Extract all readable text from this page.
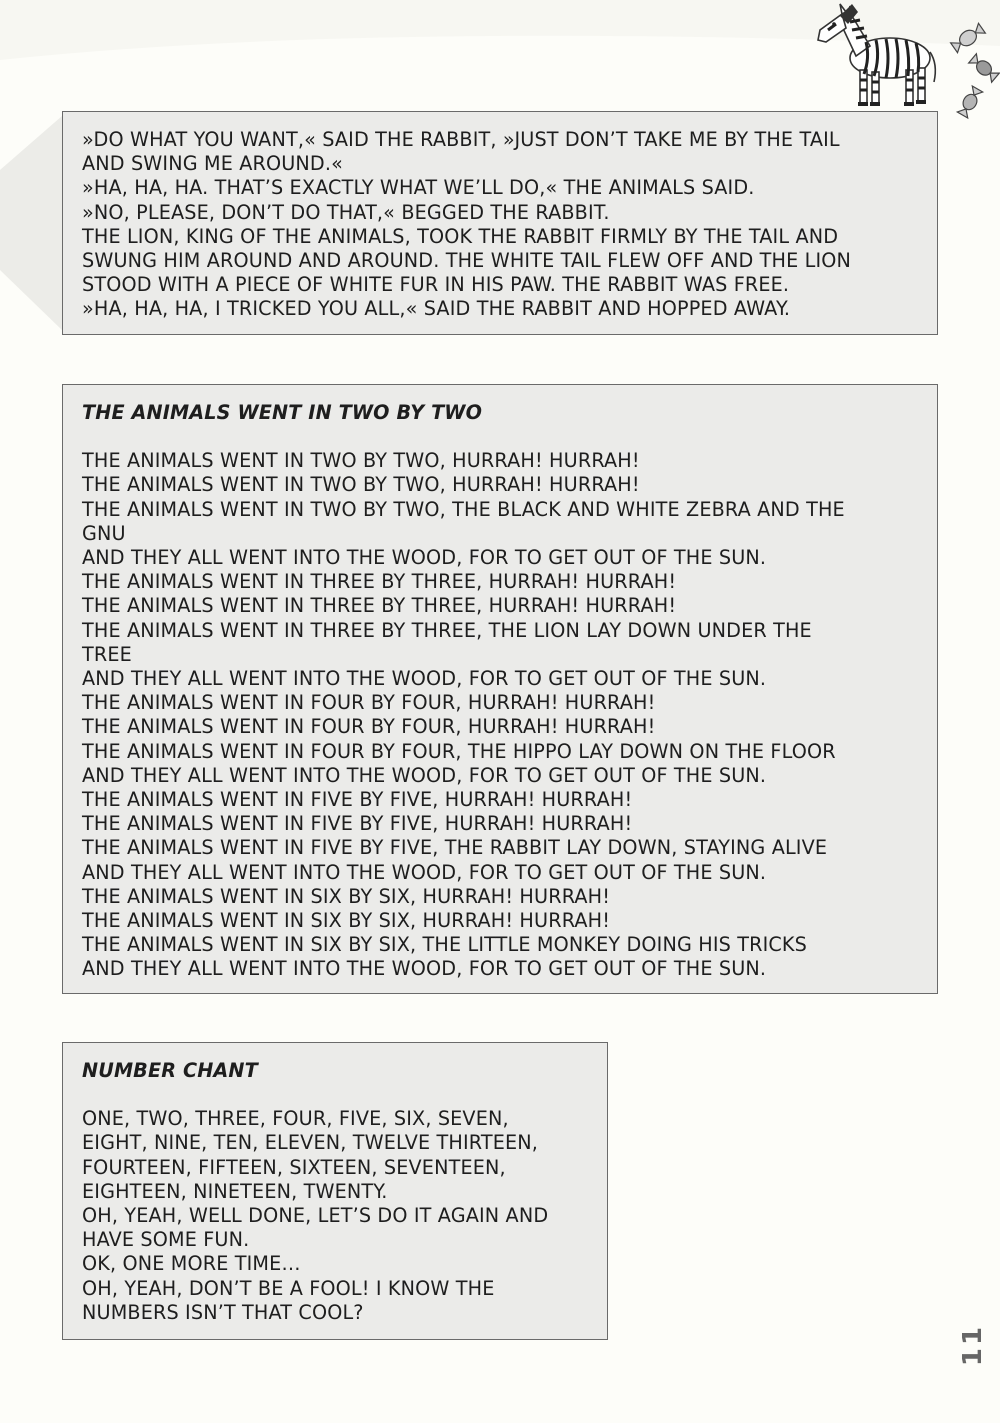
»DO WHAT YOU WANT,« SAID THE RABBIT, »JUST DON’T TAKE ME BY THE TAIL
AND SWING ME AROUND.«
»HA, HA, HA. THAT’S EXACTLY WHAT WE’LL DO,« THE ANIMALS SAID.
»NO, PLEASE, DON’T DO THAT,« BEGGED THE RABBIT.
THE LION, KING OF THE ANIMALS, TOOK THE RABBIT FIRMLY BY THE TAIL AND
SWUNG HIM AROUND AND AROUND. THE WHITE TAIL FLEW OFF AND THE LION
STOOD WITH A PIECE OF WHITE FUR IN HIS PAW. THE RABBIT WAS FREE.
»HA, HA, HA, I TRICKED YOU ALL,« SAID THE RABBIT AND HOPPED AWAY.
THE ANIMALS WENT IN TWO BY TWO
THE ANIMALS WENT IN TWO BY TWO, HURRAH! HURRAH!
THE ANIMALS WENT IN TWO BY TWO, HURRAH! HURRAH!
THE ANIMALS WENT IN TWO BY TWO, THE BLACK AND WHITE ZEBRA AND THE
GNU
AND THEY ALL WENT INTO THE WOOD, FOR TO GET OUT OF THE SUN.
THE ANIMALS WENT IN THREE BY THREE, HURRAH! HURRAH!
THE ANIMALS WENT IN THREE BY THREE, HURRAH! HURRAH!
THE ANIMALS WENT IN THREE BY THREE, THE LION LAY DOWN UNDER THE
TREE
AND THEY ALL WENT INTO THE WOOD, FOR TO GET OUT OF THE SUN.
THE ANIMALS WENT IN FOUR BY FOUR, HURRAH! HURRAH!
THE ANIMALS WENT IN FOUR BY FOUR, HURRAH! HURRAH!
THE ANIMALS WENT IN FOUR BY FOUR, THE HIPPO LAY DOWN ON THE FLOOR
AND THEY ALL WENT INTO THE WOOD, FOR TO GET OUT OF THE SUN.
THE ANIMALS WENT IN FIVE BY FIVE, HURRAH! HURRAH!
THE ANIMALS WENT IN FIVE BY FIVE, HURRAH! HURRAH!
THE ANIMALS WENT IN FIVE BY FIVE, THE RABBIT LAY DOWN, STAYING ALIVE
AND THEY ALL WENT INTO THE WOOD, FOR TO GET OUT OF THE SUN.
THE ANIMALS WENT IN SIX BY SIX, HURRAH! HURRAH!
THE ANIMALS WENT IN SIX BY SIX, HURRAH! HURRAH!
THE ANIMALS WENT IN SIX BY SIX, THE LITTLE MONKEY DOING HIS TRICKS
AND THEY ALL WENT INTO THE WOOD, FOR TO GET OUT OF THE SUN.
NUMBER CHANT
ONE, TWO, THREE, FOUR, FIVE, SIX, SEVEN,
EIGHT, NINE, TEN, ELEVEN, TWELVE THIRTEEN,
FOURTEEN, FIFTEEN, SIXTEEN, SEVENTEEN,
EIGHTEEN, NINETEEN, TWENTY.
OH, YEAH, WELL DONE, LET’S DO IT AGAIN AND
HAVE SOME FUN.
OK, ONE MORE TIME…
OH, YEAH, DON’T BE A FOOL! I KNOW THE
NUMBERS ISN’T THAT COOL?
11
